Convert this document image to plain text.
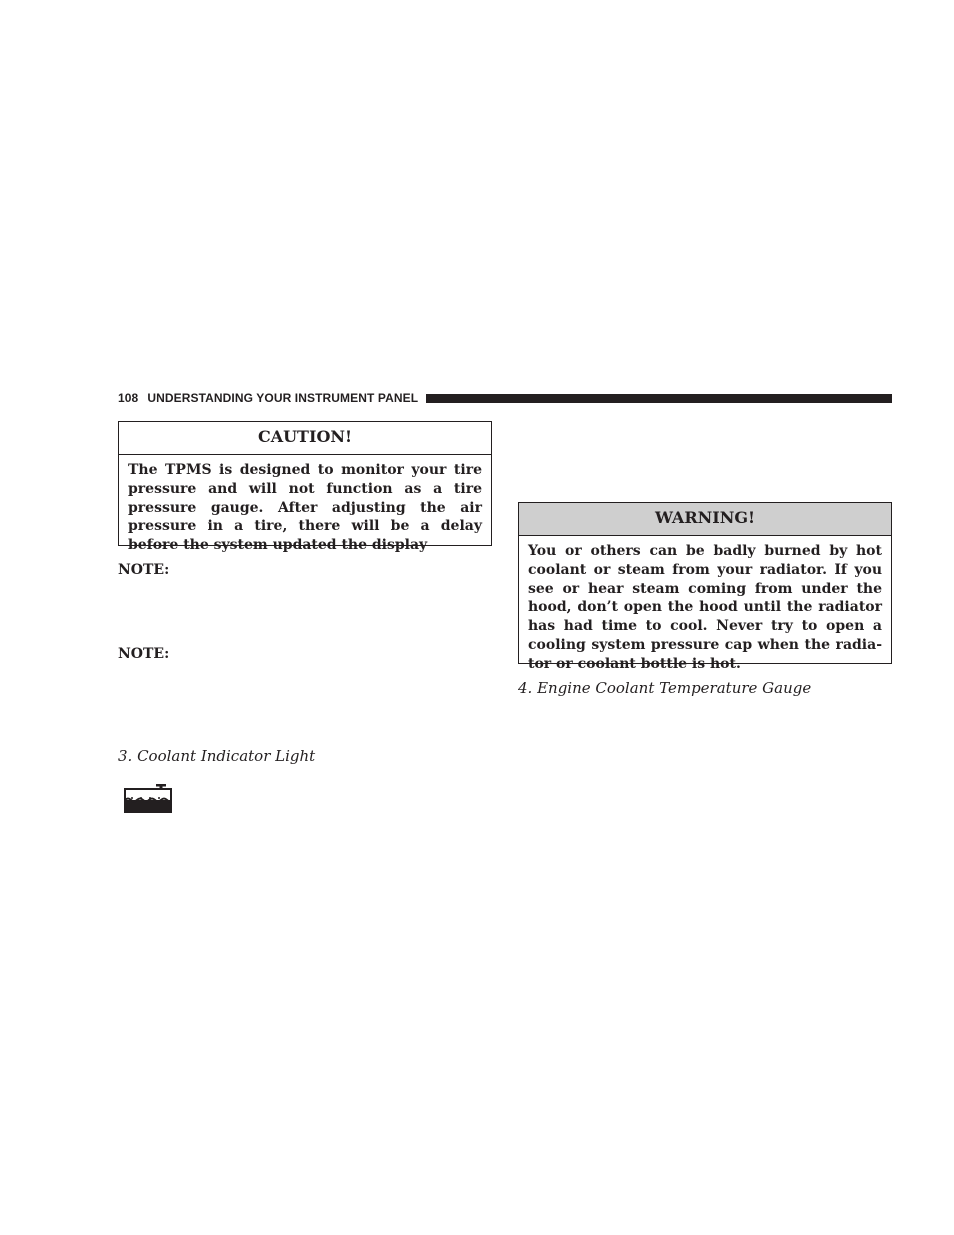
108 UNDERSTANDING YOUR INSTRUMENT PANEL
CAUTION!
The TPMS is designed to monitor your tire pressure and will not function as a tire pressure gauge. After adjusting the air pressure in a tire, there will be a delay before the system updated the display
NOTE:
NOTE:
3. Coolant Indicator Light
WARNING!
You or others can be badly burned by hot coolant or steam from your radiator. If you see or hear steam coming from under the hood, don’t open the hood until the radiator has had time to cool. Never try to open a cooling system pressure cap when the radiator or coolant bottle is hot.
4. Engine Coolant Temperature Gauge
